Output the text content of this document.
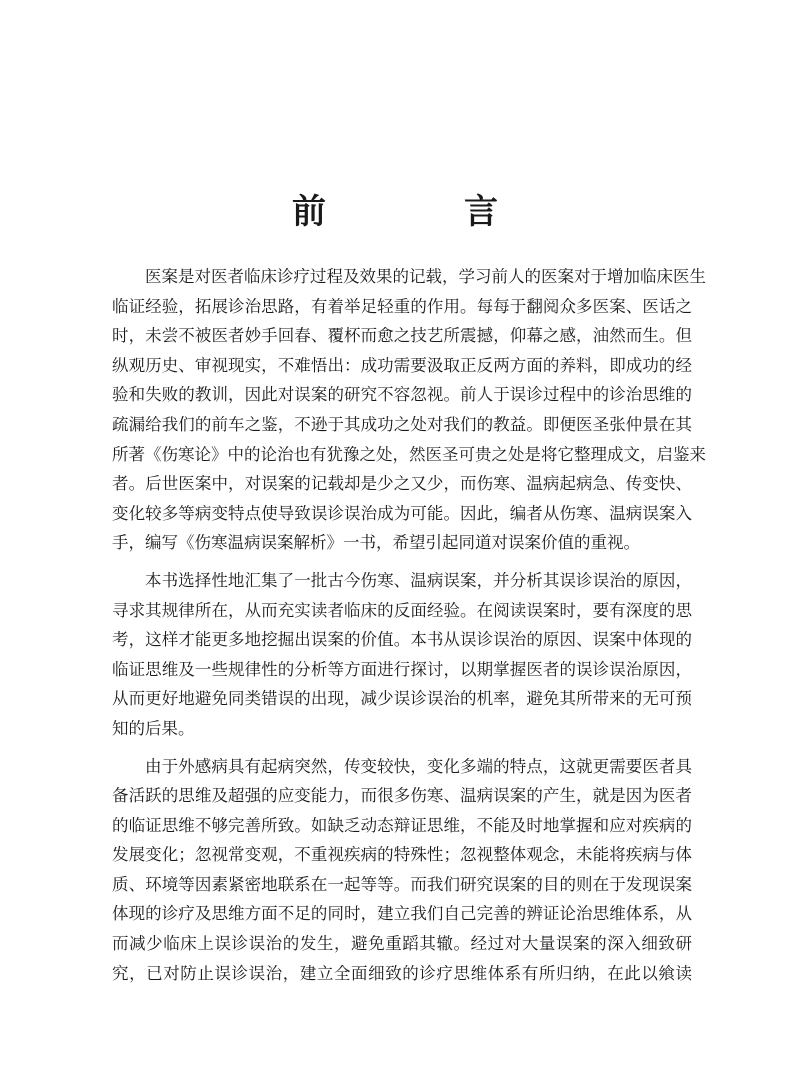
前　言
医案是对医者临床诊疗过程及效果的记载，学习前人的医案对于增加临床医生
临证经验，拓展诊治思路，有着举足轻重的作用。每每于翻阅众多医案、医话之
时，未尝不被医者妙手回春、覆杯而愈之技艺所震撼，仰幕之感，油然而生。但
纵观历史、审视现实，不难悟出：成功需要汲取正反两方面的养料，即成功的经
验和失败的教训，因此对误案的研究不容忽视。前人于误诊过程中的诊治思维的
疏漏给我们的前车之鉴，不逊于其成功之处对我们的教益。即便医圣张仲景在其
所著《伤寒论》中的论治也有犹豫之处，然医圣可贵之处是将它整理成文，启鉴来
者。后世医案中，对误案的记载却是少之又少，而伤寒、温病起病急、传变快、
变化较多等病变特点使导致误诊误治成为可能。因此，编者从伤寒、温病误案入
手，编写《伤寒温病误案解析》一书，希望引起同道对误案价值的重视。
本书选择性地汇集了一批古今伤寒、温病误案，并分析其误诊误治的原因，
寻求其规律所在，从而充实读者临床的反面经验。在阅读误案时，要有深度的思
考，这样才能更多地挖掘出误案的价值。本书从误诊误治的原因、误案中体现的
临证思维及一些规律性的分析等方面进行探讨，以期掌握医者的误诊误治原因，
从而更好地避免同类错误的出现，减少误诊误治的机率，避免其所带来的无可预
知的后果。
由于外感病具有起病突然，传变较快，变化多端的特点，这就更需要医者具
备活跃的思维及超强的应变能力，而很多伤寒、温病误案的产生，就是因为医者
的临证思维不够完善所致。如缺乏动态辩证思维，不能及时地掌握和应对疾病的
发展变化；忽视常变观，不重视疾病的特殊性；忽视整体观念，未能将疾病与体
质、环境等因素紧密地联系在一起等等。而我们研究误案的目的则在于发现误案
体现的诊疗及思维方面不足的同时，建立我们自己完善的辨证论治思维体系，从
而减少临床上误诊误治的发生，避免重蹈其辙。经过对大量误案的深入细致研
究，已对防止误诊误治，建立全面细致的诊疗思维体系有所归纳，在此以飨读
